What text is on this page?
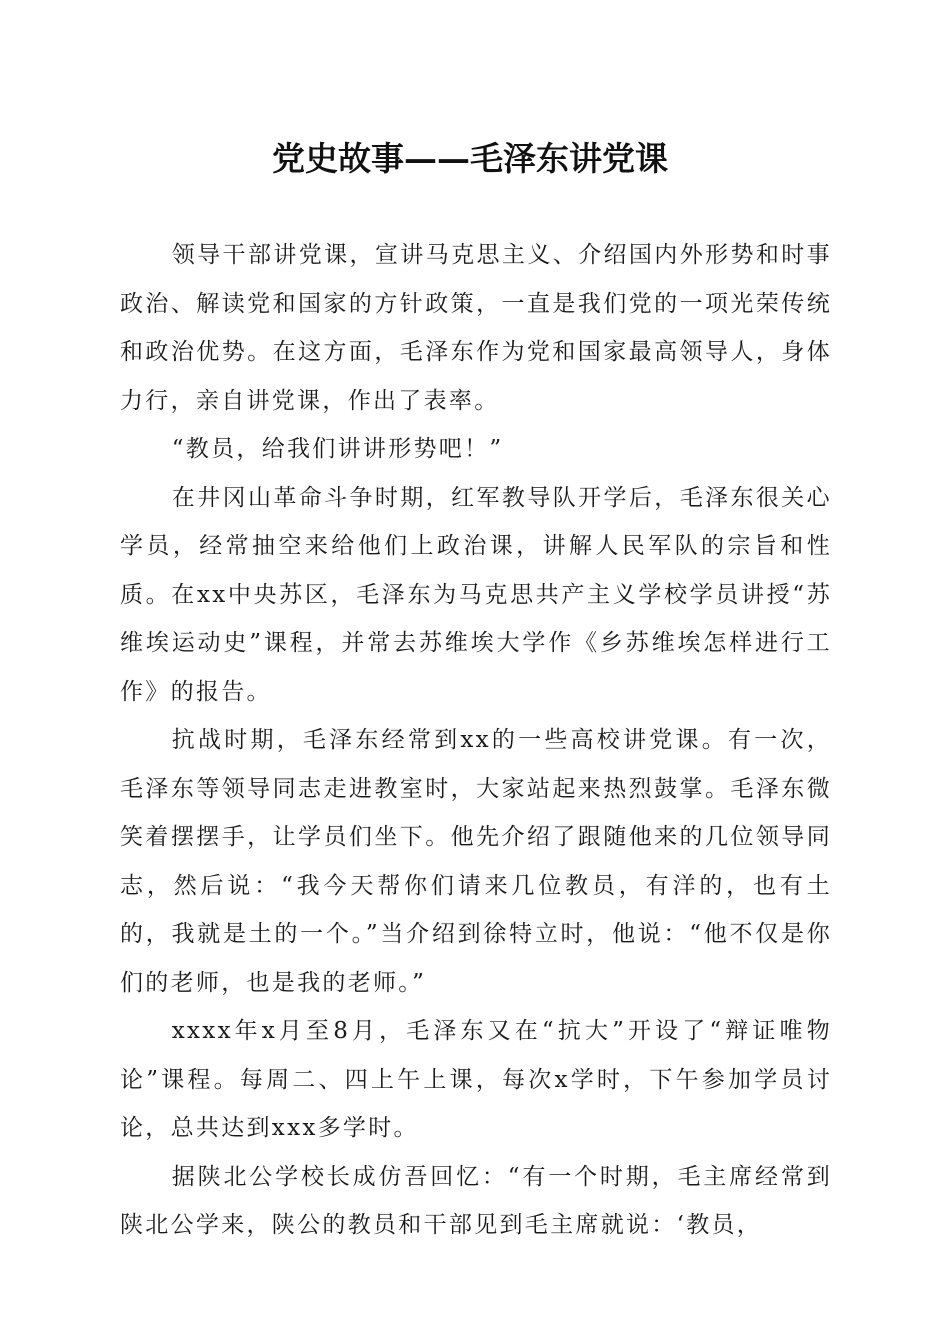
党史故事——毛泽东讲党课

领导干部讲党课，宣讲马克思主义、介绍国内外形势和时事政治、解读党和国家的方针政策，一直是我们党的一项光荣传统和政治优势。在这方面，毛泽东作为党和国家最高领导人，身体力行，亲自讲党课，作出了表率。

“教员，给我们讲讲形势吧！”

在井冈山革命斗争时期，红军教导队开学后，毛泽东很关心学员，经常抽空来给他们上政治课，讲解人民军队的宗旨和性质。在xx中央苏区，毛泽东为马克思共产主义学校学员讲授“苏维埃运动史”课程，并常去苏维埃大学作《乡苏维埃怎样进行工作》的报告。

抗战时期，毛泽东经常到xx的一些高校讲党课。有一次，毛泽东等领导同志走进教室时，大家站起来热烈鼓掌。毛泽东微笑着摆摆手，让学员们坐下。他先介绍了跟随他来的几位领导同志，然后说：“我今天帮你们请来几位教员，有洋的，也有土的，我就是土的一个。”当介绍到徐特立时，他说：“他不仅是你们的老师，也是我的老师。”

xxxx年x月至8月，毛泽东又在“抗大”开设了“辩证唯物论”课程。每周二、四上午上课，每次x学时，下午参加学员讨论，总共达到xxx多学时。

据陕北公学校长成仿吾回忆：“有一个时期，毛主席经常到陕北公学来，陕公的教员和干部见到毛主席就说：‘教员，
